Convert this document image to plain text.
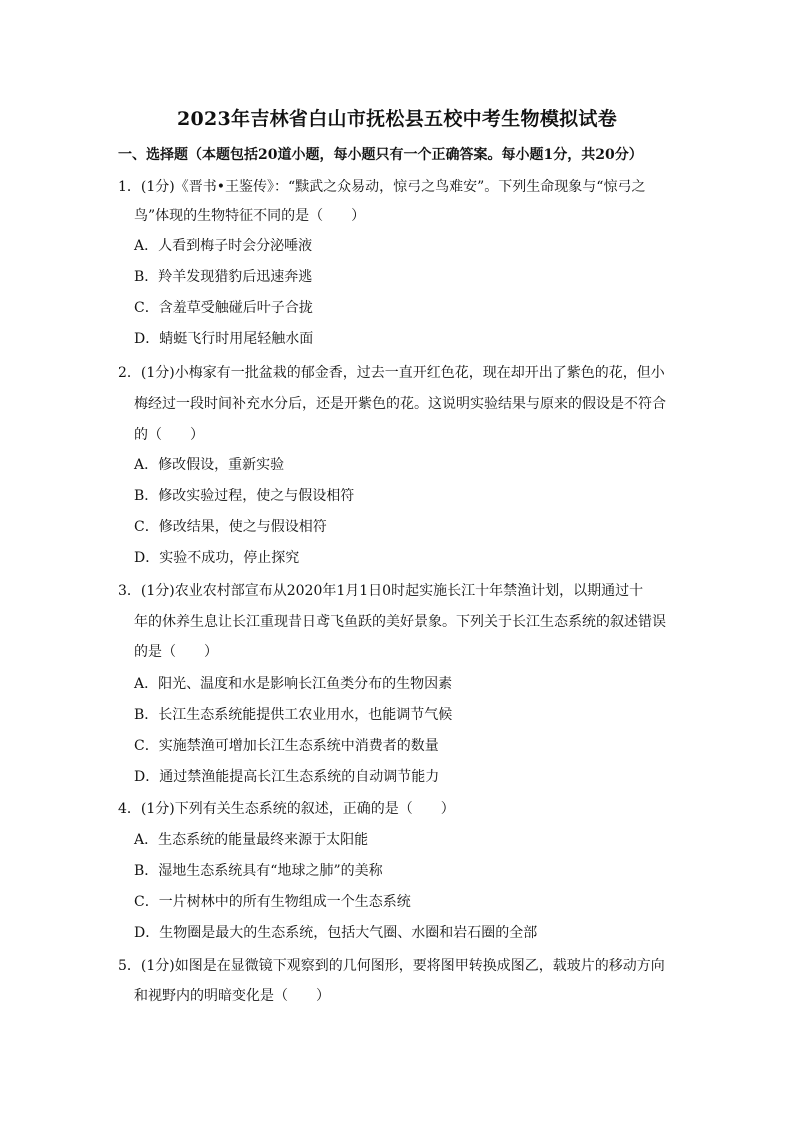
2023年吉林省白山市抚松县五校中考生物模拟试卷
一、选择题（本题包括20道小题，每小题只有一个正确答案。每小题1分，共20分）
1．(1分)《晋书•王鉴传》：“黩武之众易动，惊弓之鸟难安”。下列生命现象与“惊弓之
鸟”体现的生物特征不同的是（　　）
A．人看到梅子时会分泌唾液
B．羚羊发现猎豹后迅速奔逃
C．含羞草受触碰后叶子合拢
D．蜻蜓飞行时用尾轻触水面
2．(1分)小梅家有一批盆栽的郁金香，过去一直开红色花，现在却开出了紫色的花，但小
梅经过一段时间补充水分后，还是开紫色的花。这说明实验结果与原来的假设是不符合
的（　　）
A．修改假设，重新实验
B．修改实验过程，使之与假设相符
C．修改结果，使之与假设相符
D．实验不成功，停止探究
3．(1分)农业农村部宣布从2020年1月1日0时起实施长江十年禁渔计划，以期通过十
年的休养生息让长江重现昔日鸢飞鱼跃的美好景象。下列关于长江生态系统的叙述错误
的是（　　）
A．阳光、温度和水是影响长江鱼类分布的生物因素
B．长江生态系统能提供工农业用水，也能调节气候
C．实施禁渔可增加长江生态系统中消费者的数量
D．通过禁渔能提高长江生态系统的自动调节能力
4．(1分)下列有关生态系统的叙述，正确的是（　　）
A．生态系统的能量最终来源于太阳能
B．湿地生态系统具有“地球之肺”的美称
C．一片树林中的所有生物组成一个生态系统
D．生物圈是最大的生态系统，包括大气圈、水圈和岩石圈的全部
5．(1分)如图是在显微镜下观察到的几何图形，要将图甲转换成图乙，载玻片的移动方向
和视野内的明暗变化是（　　）
